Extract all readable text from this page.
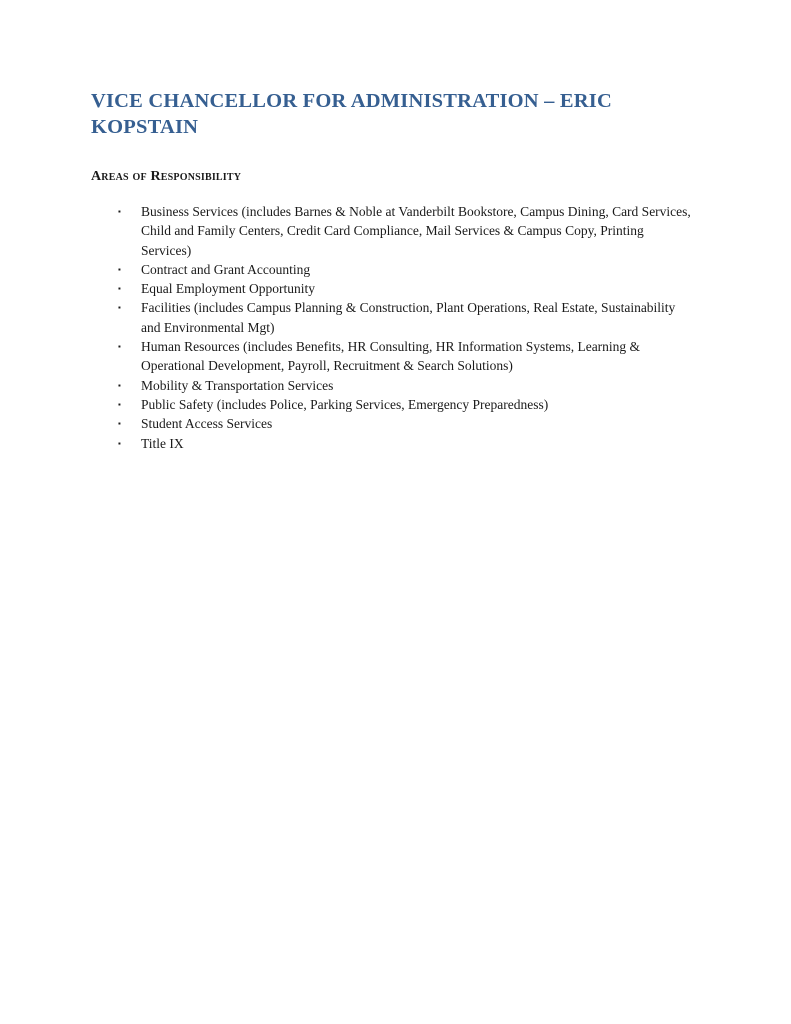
VICE CHANCELLOR FOR ADMINISTRATION – ERIC KOPSTAIN
Areas of Responsibility
▪	Business Services (includes Barnes & Noble at Vanderbilt Bookstore, Campus Dining, Card Services, Child and Family Centers, Credit Card Compliance, Mail Services & Campus Copy, Printing Services)
▪	Contract and Grant Accounting
▪	Equal Employment Opportunity
▪	Facilities (includes Campus Planning & Construction, Plant Operations, Real Estate, Sustainability and Environmental Mgt)
▪	Human Resources (includes Benefits, HR Consulting, HR Information Systems, Learning & Operational Development, Payroll, Recruitment & Search Solutions)
▪	Mobility & Transportation Services
▪	Public Safety (includes Police, Parking Services, Emergency Preparedness)
▪	Student Access Services
▪	Title IX
